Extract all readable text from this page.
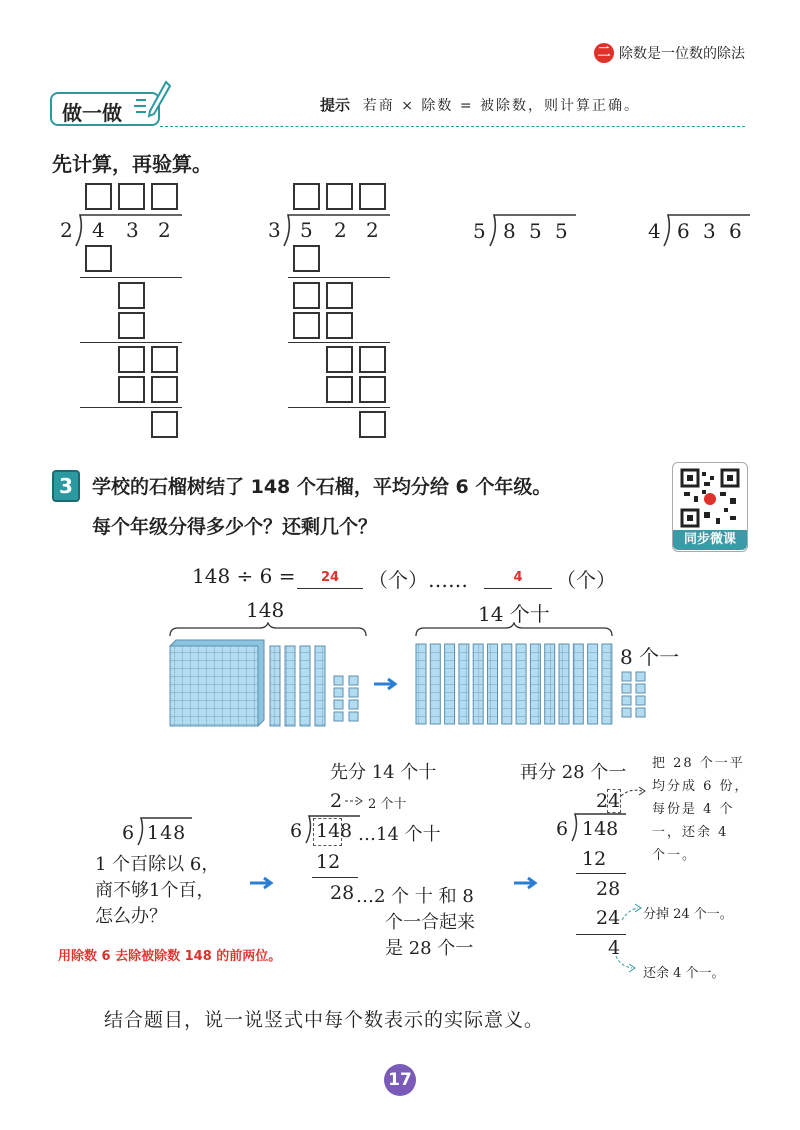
二 除数是一位数的除法
做一做	提示 若商 × 除数 = 被除数，则计算正确。
先计算，再验算。
2 4 3 2	3 5 2 2	5 8 5 5	4 6 3 6
3	学校的石榴树结了 148 个石榴，平均分给 6 个年级。
每个年级分得多少个？还剩几个？
同步微课
148 ÷ 6 =	24	（个）……	4	（个）
148	14 个十
8 个一
先分 14 个十	再分 28 个一
6 148
1 个百除以 6，
商不够1个百，
怎么办？
用除数 6 去除被除数 148 的前两位。
2 2 个十
6 14 8 …14 个十
12
28 …2 个 十 和 8
个一合起来
是 28 个一
2 4
6 148
12
28
24
4
把 28 个一平
均分成 6 份，
每份是 4 个
一，还余 4
个一。
分掉 24 个一。
还余 4 个一。
结合题目，说一说竖式中每个数表示的实际意义。
17
